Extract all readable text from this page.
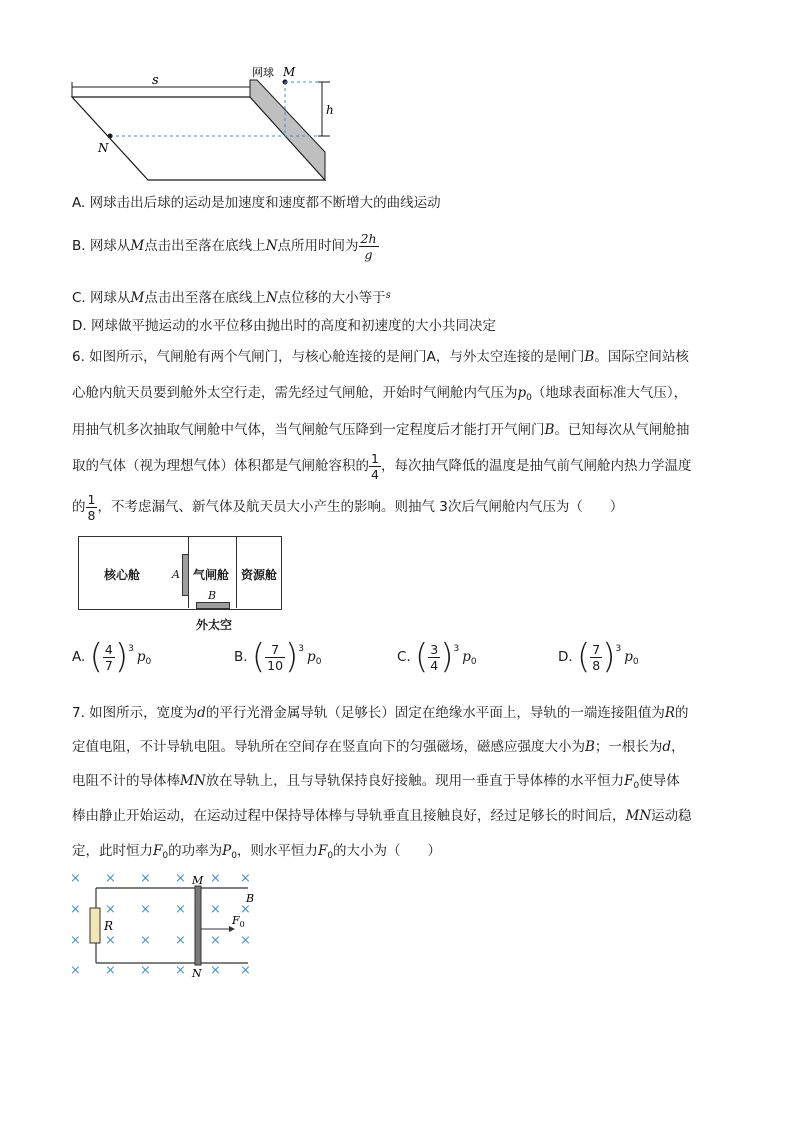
s
网球 M
h
N
A. 网球击出后球的运动是加速度和速度都不断增大的曲线运动
B. 网球从M点击出至落在底线上N点所用时间为 $\frac{2h}{g}$
C. 网球从M点击出至落在底线上N点位移的大小等于$^s$
D. 网球做平抛运动的水平位移由抛出时的高度和初速度的大小共同决定
6. 如图所示，气闸舱有两个气闸门，与核心舱连接的是闸门A，与外太空连接的是闸门B。国际空间站核
心舱内航天员要到舱外太空行走，需先经过气闸舱，开始时气闸舱内气压为$p_0$（地球表面标准大气压），
用抽气机多次抽取气闸舱中气体，当气闸舱气压降到一定程度后才能打开气闸门B。已知每次从气闸舱抽
取的气体（视为理想气体）体积都是气闸舱容积的 $\frac{1}{4}$ ，每次抽气降低的温度是抽气前气闸舱内热力学温度
的 $\frac{1}{8}$ ，不考虑漏气、新气体及航天员大小产生的影响。则抽气 3次后气闸舱内气压为（　　）
核心舱	A 气闸舱 资源舱
B
外太空
A. ( $\frac{4}{7} )^3$ $p_0$	B. ( $\frac{7}{10} )^3$ $p_0$	C. ( $\frac{3}{4} )^3$ $p_0$	D. ( $\frac{7}{8} )^3$ $p_0$
7. 如图所示，宽度为d的平行光滑金属导轨（足够长）固定在绝缘水平面上，导轨的一端连接阻值为R的
定值电阻，不计导轨电阻。导轨所在空间存在竖直向下的匀强磁场，磁感应强度大小为B；一根长为d，
电阻不计的导体棒MN放在导轨上，且与导轨保持良好接触。现用一垂直于导体棒的水平恒力$F_0$使导体
棒由静止开始运动，在运动过程中保持导体棒与导轨垂直且接触良好，经过足够长的时间后，MN运动稳
定，此时恒力$F_0$的功率为$P_0$，则水平恒力$F_0$的大小为（　　）
× × × × × ×
× × × × × ×
× × × × × ×
× × × × × ×
R
M
N
$F_0$
B
